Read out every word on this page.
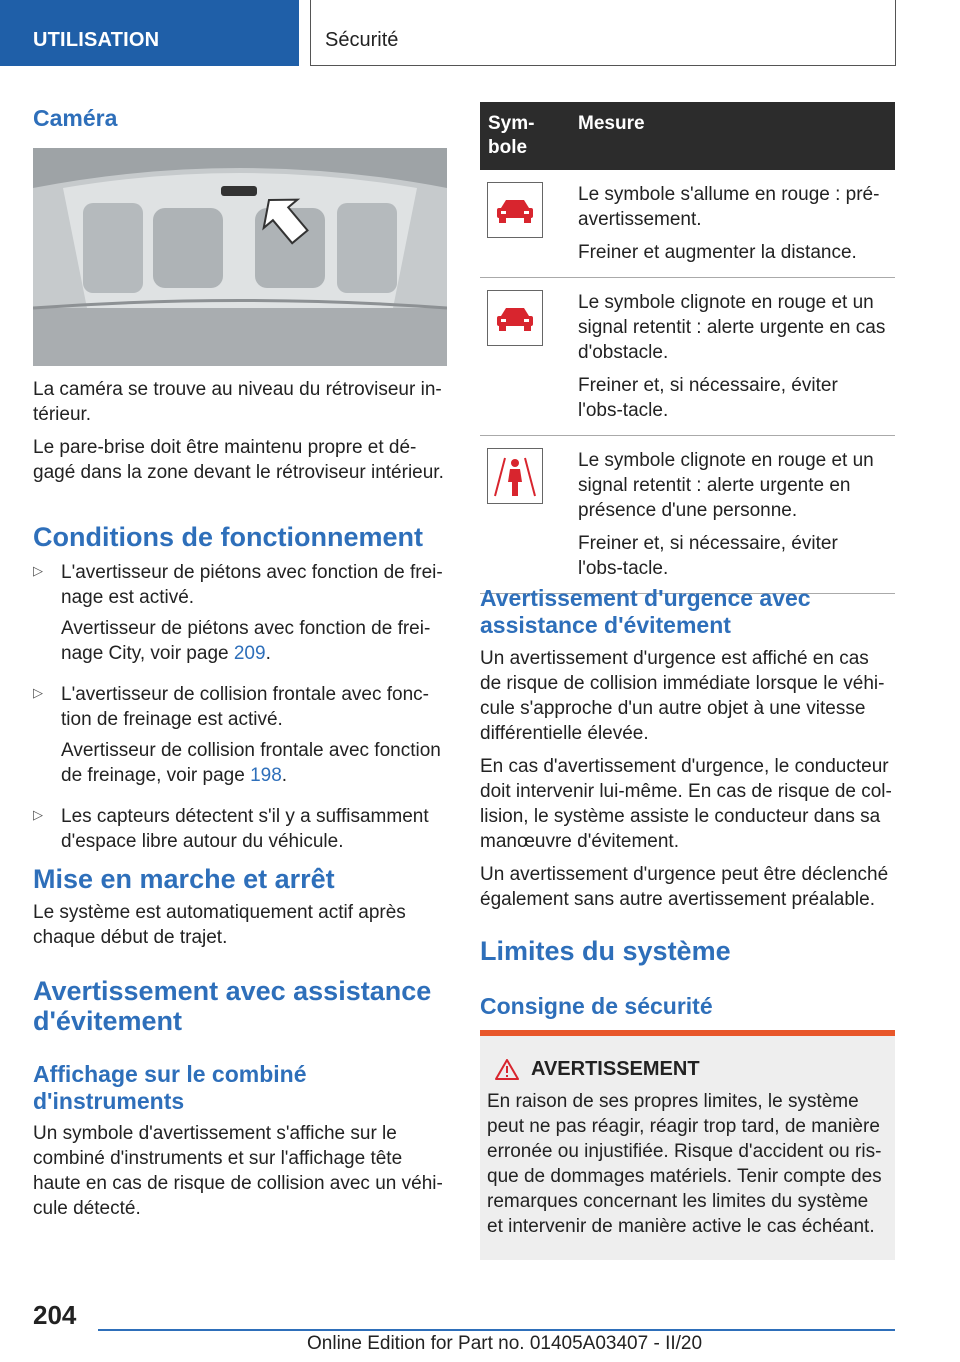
UTILISATION	Sécurité
Caméra

La caméra se trouve au niveau du rétroviseur in-térieur.

Le pare-brise doit être maintenu propre et dé-gagé dans la zone devant le rétroviseur intérieur.

Conditions de fonctionnement
▷ L'avertisseur de piétons avec fonction de frei-nage est activé.

Avertisseur de piétons avec fonction de frei-nage City, voir page 209.

▷ L'avertisseur de collision frontale avec fonc-tion de freinage est activé.

Avertisseur de collision frontale avec fonction de freinage, voir page 198.

▷ Les capteurs détectent s'il y a suffisamment d'espace libre autour du véhicule.

Mise en marche et arrêt

Le système est automatiquement actif après chaque début de trajet.

Avertissement avec assistance d'évitement
Affichage sur le combiné d'instruments

Un symbole d'avertissement s'affiche sur le combiné d'instruments et sur l'affichage tête haute en cas de risque de collision avec un véhi-cule détecté.

Sym-bole	Mesure

Le symbole s'allume en rouge : pré-avertissement.

Freiner et augmenter la distance.

Le symbole clignote en rouge et un signal retentit : alerte urgente en cas d'obstacle.

Freiner et, si nécessaire, éviter l'obs-tacle.

Le symbole clignote en rouge et un signal retentit : alerte urgente en présence d'une personne.

Freiner et, si nécessaire, éviter l'obs-tacle.

Avertissement d'urgence avec assistance d'évitement

Un avertissement d'urgence est affiché en cas de risque de collision immédiate lorsque le véhi-cule s'approche d'un autre objet à une vitesse différentielle élevée.

En cas d'avertissement d'urgence, le conducteur doit intervenir lui-même. En cas de risque de col-lision, le système assiste le conducteur dans sa manœuvre d'évitement.

Un avertissement d'urgence peut être déclenché également sans autre avertissement préalable.

Limites du système
Consigne de sécurité
AVERTISSEMENT

En raison de ses propres limites, le système peut ne pas réagir, réagir trop tard, de manière erronée ou injustifiée. Risque d'accident ou ris-que de dommages matériels. Tenir compte des remarques concernant les limites du système et intervenir de manière active le cas échéant.

204
Online Edition for Part no. 01405A03407 - II/20
